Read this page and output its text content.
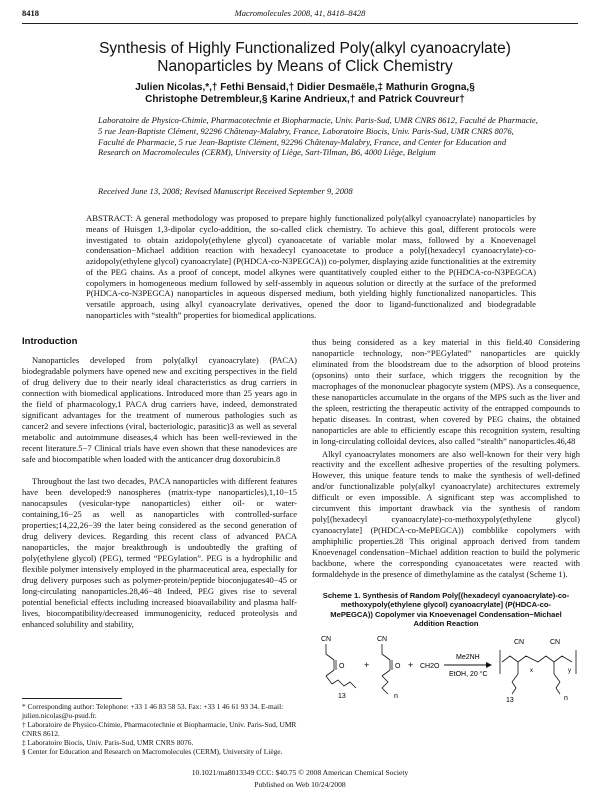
8418	Macromolecules 2008, 41, 8418–8428
Synthesis of Highly Functionalized Poly(alkyl cyanoacrylate) Nanoparticles by Means of Click Chemistry
Julien Nicolas,*,† Fethi Bensaid,† Didier Desmaële,‡ Mathurin Grogna,§
Christophe Detrembleur,§ Karine Andrieux,† and Patrick Couvreur†
Laboratoire de Physico-Chimie, Pharmacotechnie et Biopharmacie, Univ. Paris-Sud, UMR CNRS 8612, Faculté de Pharmacie, 5 rue Jean-Baptiste Clément, 92296 Châtenay-Malabry, France, Laboratoire Biocis, Univ. Paris-Sud, UMR CNRS 8076, Faculté de Pharmacie, 5 rue Jean-Baptiste Clément, 92296 Châtenay-Malabry, France, and Center for Education and Research on Macromolecules (CERM), University of Liège, Sart-Tilman, B6, 4000 Liège, Belgium
Received June 13, 2008; Revised Manuscript Received September 9, 2008
ABSTRACT: A general methodology was proposed to prepare highly functionalized poly(alkyl cyanoacrylate) nanoparticles by means of Huisgen 1,3-dipolar cyclo-addition, the so-called click chemistry. To achieve this goal, different protocols were investigated to obtain azidopoly(ethylene glycol) cyanoacetate of variable molar mass, followed by a Knoevenagel condensation−Michael addition reaction with hexadecyl cyanoacetate to produce a poly[(hexadecyl cyanoacrylate)-co-azidopoly(ethylene glycol) cyanoacrylate] (P(HDCA-co-N3PEGCA)) co-polymer, displaying azide functionalities at the extremity of the PEG chains. As a proof of concept, model alkynes were quantitatively coupled either to the P(HDCA-co-N3PEGCA) copolymers in homogeneous medium followed by self-assembly in aqueous solution or directly at the surface of the preformed P(HDCA-co-N3PEGCA) nanoparticles in aqueous dispersed medium, both yielding highly functionalized nanoparticles. This versatile approach, using alkyl cyanoacrylate derivatives, opened the door to ligand-functionalized and biodegradable nanoparticles with “stealth” properties for biomedical applications.
Introduction

Nanoparticles developed from poly(alkyl cyanoacrylate) (PACA) biodegradable polymers have opened new and exciting perspectives in the field of drug delivery due to their nearly ideal characteristics as drug carriers in connection with biomedical applications. Introduced more than 25 years ago in the field of pharmacology,1 PACA drug carriers have, indeed, demonstrated significant advantages for the treatment of numerous pathologies such as cancer2 and severe infections (viral, bacteriologic, parasitic)3 as well as several metabolic and autoimmune diseases,4 which has been well-reviewed in the recent literature.5−7 Clinical trials have even shown that these nanodevices are safe and biocompatible when loaded with the anticancer drug doxorubicin.8

Throughout the last two decades, PACA nanoparticles with different features have been developed:9 nanospheres (matrix-type nanoparticles),1,10−15 nanocapsules (vesicular-type nanoparticles) either oil- or water-containing,16−25 as well as nanoparticles with controlled-surface properties;14,22,26−39 the later being considered as the second generation of drug delivery devices. Regarding this recent class of advanced PACA nanoparticles, the major breakthrough is undoubtedly the grafting of poly(ethylene glycol) (PEG), termed “PEGylation”. PEG is a hydrophilic and flexible polymer intensively employed in the pharmaceutical area, especially for drug delivery purposes such as polymer-protein/peptide bioconjugates40−45 or long-circulating nanoparticles.28,46−48 Indeed, PEG gives rise to several potential beneficial effects including increased bioavailability and plasma half-lives, biocompatibility/decreased immunogenicity, reduced proteolysis and enhanced solubility and stability,

* Corresponding author: Telephone: +33 1 46 83 58 53. Fax: +33 1 46 61 93 34. E-mail: julien.nicolas@u-psud.fr.

† Laboratoire de Physico-Chimie, Pharmacotechnie et Biopharmacie, Univ. Paris-Sud, UMR CNRS 8612.

‡ Laboratoire Biocis, Univ. Paris-Sud, UMR CNRS 8076.

§ Center for Education and Research on Macromolecules (CERM), University of Liège.

thus being considered as a key material in this field.40 Considering nanoparticle technology, non-“PEGylated” nanoparticles are quickly eliminated from the bloodstream due to the adsorption of blood proteins (opsonins) onto their surface, which triggers the recognition by the macrophages of the mononuclear phagocyte system (MPS). As a consequence, these nanoparticles accumulate in the organs of the MPS such as the liver and the spleen, restricting the therapeutic activity of the entrapped compounds to hepatic diseases. In contrast, when covered by PEG chains, the obtained nanoparticles are able to efficiently escape this recognition system, resulting in long-circulating colloidal devices, also called “stealth” nanoparticles.46,48

Alkyl cyanoacrylates monomers are also well-known for their very high reactivity and the excellent adhesive properties of the resulting polymers. However, this unique feature tends to make the synthesis of well-defined and/or functionalizable poly(alkyl cyanoacrylate) architectures extremely difficult or even impossible. A significant step was accomplished to circumvent this important drawback via the synthesis of random poly[(hexadecyl cyanoacrylate)-co-methoxypoly(ethylene glycol) cyanoacrylate] (P(HDCA-co-MePEGCA)) combblike copolymers with amphiphilic properties.28 This original approach derived from tandem Knoevenagel condensation−Michael addition reaction to build the polymeric backbone, where the corresponding cyanoacetates were reacted with formaldehyde in the presence of dimethylamine as the catalyst (Scheme 1).

Scheme 1. Synthesis of Random Poly[(hexadecyl cyanoacrylate)-co-methoxypoly(ethylene glycol) cyanoacrylate] (P(HDCA-co-MePEGCA)) Copolymer via Knoevenagel Condensation−Michael Addition Reaction
CN
O
13
+
CN
O
n
+ CH2O
Me2NH
EtOH, 20 °C
CN	CN
x	y
13	n
10.1021/ma8013349 CCC: $40.75 © 2008 American Chemical Society
Published on Web 10/24/2008
